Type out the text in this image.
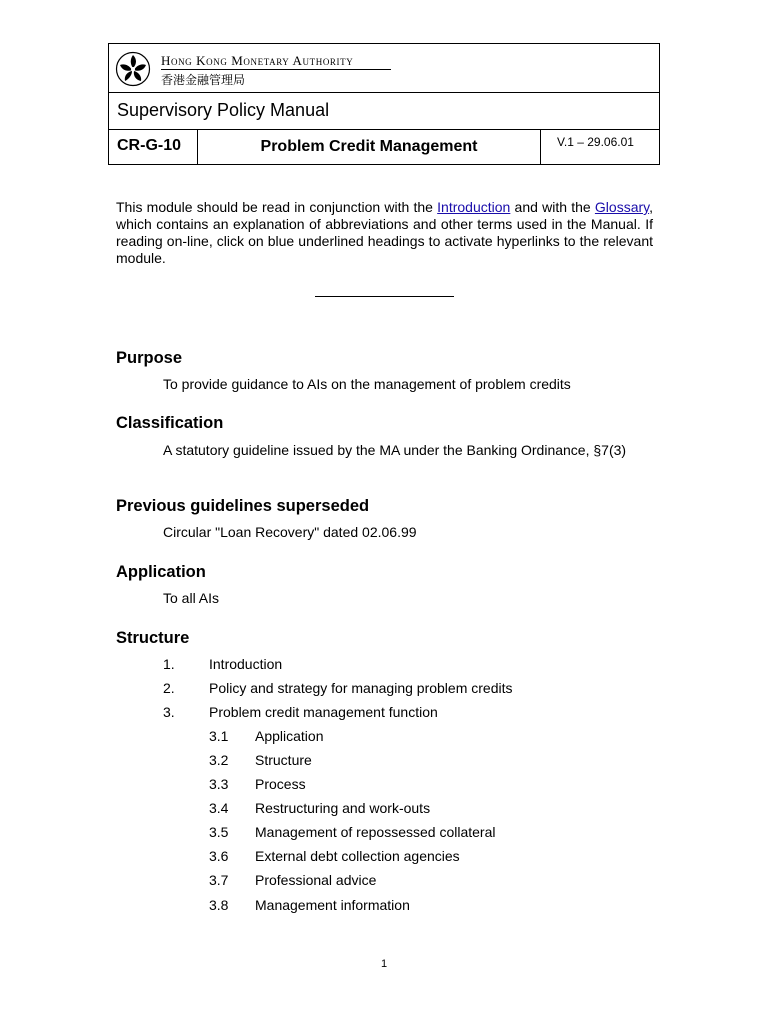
Hong Kong Monetary Authority
香港金融管理局
Supervisory Policy Manual
CR-G-10	Problem Credit Management	V.1 – 29.06.01

This module should be read in conjunction with the Introduction and with the Glossary, which contains an explanation of abbreviations and other terms used in the Manual. If reading on-line, click on blue underlined headings to activate hyperlinks to the relevant module.

Purpose
To provide guidance to AIs on the management of problem credits
Classification
A statutory guideline issued by the MA under the Banking Ordinance, §7(3)
Previous guidelines superseded
Circular "Loan Recovery" dated 02.06.99
Application
To all AIs
Structure
1. Introduction
2. Policy and strategy for managing problem credits
3. Problem credit management function
3.1 Application
3.2 Structure
3.3 Process
3.4 Restructuring and work-outs
3.5 Management of repossessed collateral
3.6 External debt collection agencies
3.7 Professional advice
3.8 Management information
1
